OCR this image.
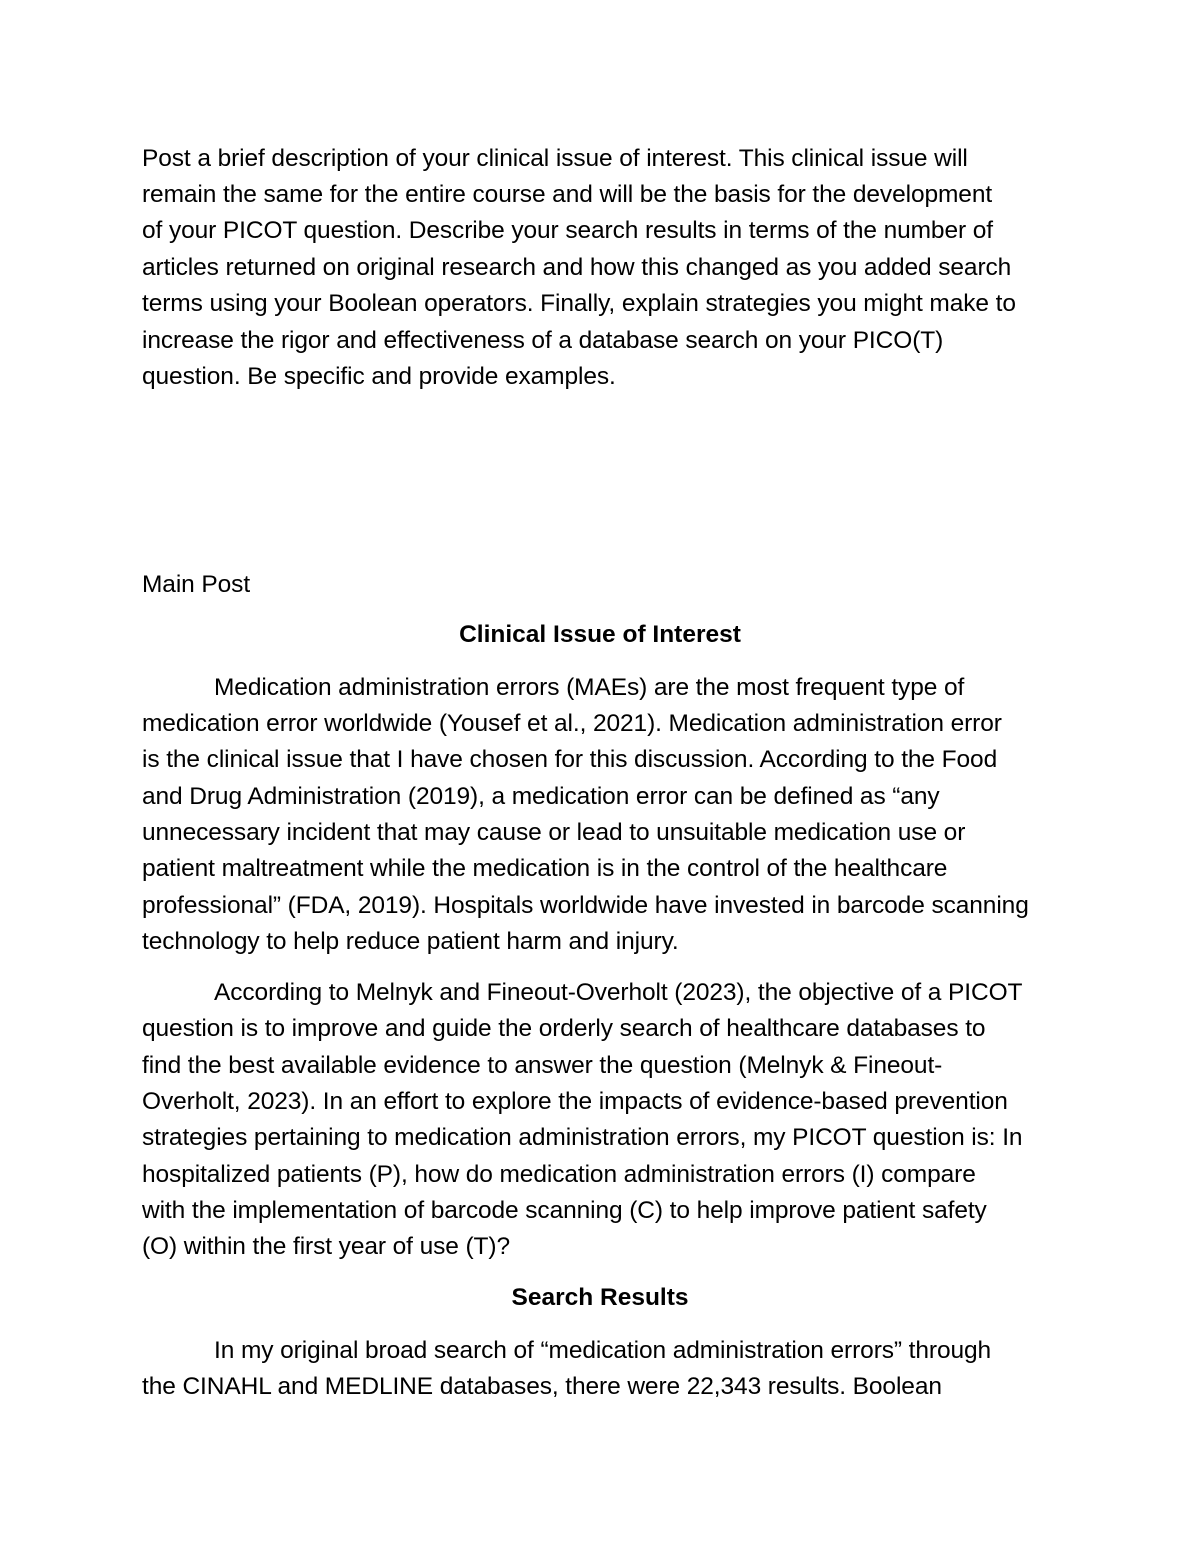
Post a brief description of your clinical issue of interest. This clinical issue will
remain the same for the entire course and will be the basis for the development
of your PICOT question. Describe your search results in terms of the number of
articles returned on original research and how this changed as you added search
terms using your Boolean operators. Finally, explain strategies you might make to
increase the rigor and effectiveness of a database search on your PICO(T)
question. Be specific and provide examples.
Main Post
Clinical Issue of Interest
Medication administration errors (MAEs) are the most frequent type of
medication error worldwide (Yousef et al., 2021). Medication administration error
is the clinical issue that I have chosen for this discussion. According to the Food
and Drug Administration (2019), a medication error can be defined as “any
unnecessary incident that may cause or lead to unsuitable medication use or
patient maltreatment while the medication is in the control of the healthcare
professional” (FDA, 2019). Hospitals worldwide have invested in barcode scanning
technology to help reduce patient harm and injury.
According to Melnyk and Fineout-Overholt (2023), the objective of a PICOT
question is to improve and guide the orderly search of healthcare databases to
find the best available evidence to answer the question (Melnyk & Fineout-
Overholt, 2023). In an effort to explore the impacts of evidence-based prevention
strategies pertaining to medication administration errors, my PICOT question is: In
hospitalized patients (P), how do medication administration errors (I) compare
with the implementation of barcode scanning (C) to help improve patient safety
(O) within the first year of use (T)?
Search Results
In my original broad search of “medication administration errors” through
the CINAHL and MEDLINE databases, there were 22,343 results. Boolean
